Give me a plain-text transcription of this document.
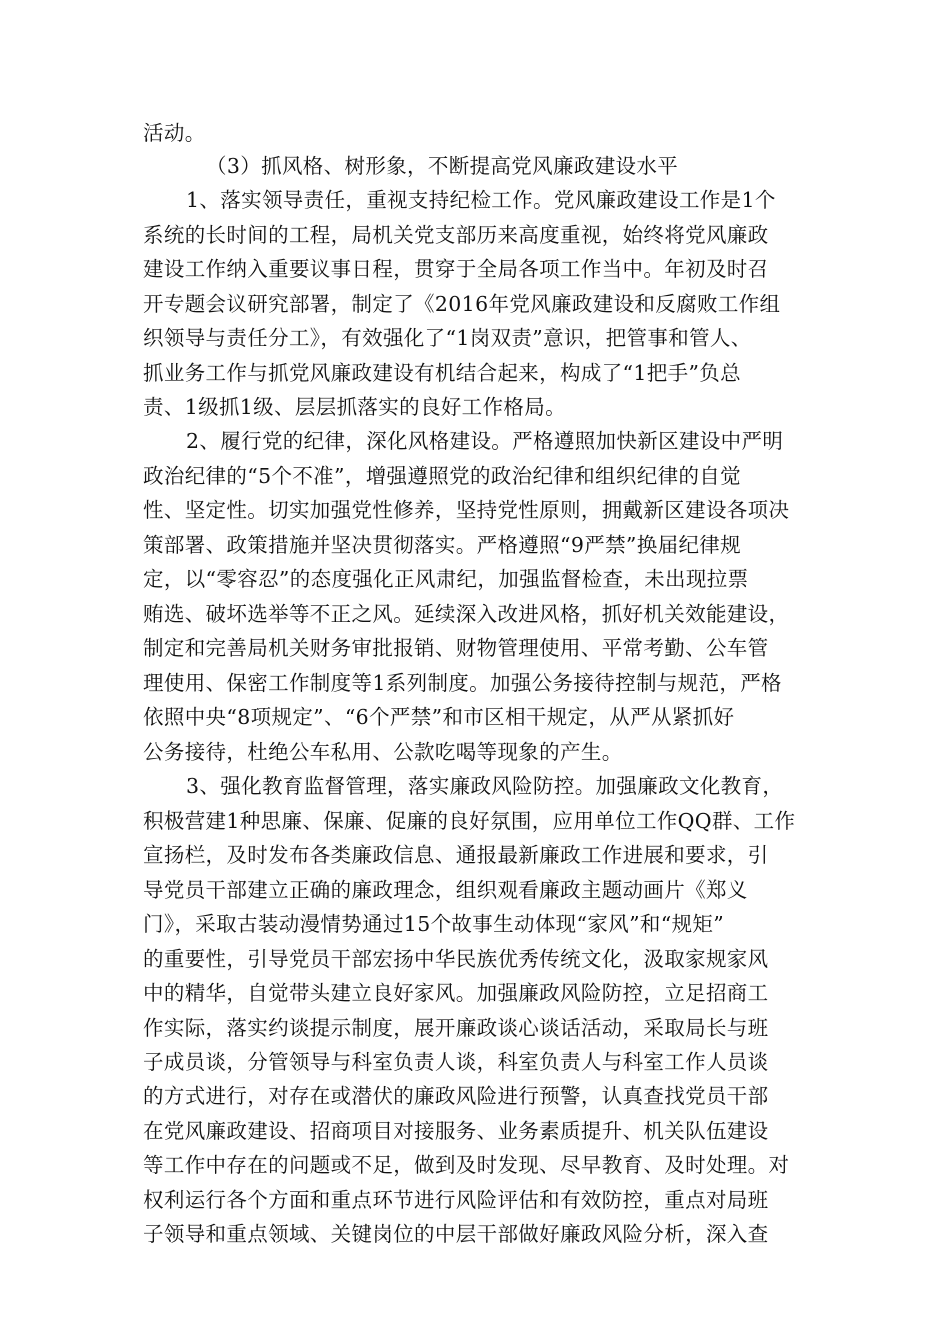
活动。
（3）抓风格、树形象，不断提高党风廉政建设水平
1、落实领导责任，重视支持纪检工作。党风廉政建设工作是1个
系统的长时间的工程，局机关党支部历来高度重视，始终将党风廉政
建设工作纳入重要议事日程，贯穿于全局各项工作当中。年初及时召
开专题会议研究部署，制定了《2016年党风廉政建设和反腐败工作组
织领导与责任分工》，有效强化了“1岗双责”意识，把管事和管人、
抓业务工作与抓党风廉政建设有机结合起来，构成了“1把手”负总
责、1级抓1级、层层抓落实的良好工作格局。
2、履行党的纪律，深化风格建设。严格遵照加快新区建设中严明
政治纪律的“5个不准”，增强遵照党的政治纪律和组织纪律的自觉
性、坚定性。切实加强党性修养，坚持党性原则，拥戴新区建设各项决
策部署、政策措施并坚决贯彻落实。严格遵照“9严禁”换届纪律规
定，以“零容忍”的态度强化正风肃纪，加强监督检查，未出现拉票
贿选、破坏选举等不正之风。延续深入改进风格，抓好机关效能建设，
制定和完善局机关财务审批报销、财物管理使用、平常考勤、公车管
理使用、保密工作制度等1系列制度。加强公务接待控制与规范，严格
依照中央“8项规定”、“6个严禁”和市区相干规定，从严从紧抓好
公务接待，杜绝公车私用、公款吃喝等现象的产生。
3、强化教育监督管理，落实廉政风险防控。加强廉政文化教育，
积极营建1种思廉、保廉、促廉的良好氛围，应用单位工作QQ群、工作
宣扬栏，及时发布各类廉政信息、通报最新廉政工作进展和要求，引
导党员干部建立正确的廉政理念，组织观看廉政主题动画片《郑义
门》，采取古装动漫情势通过15个故事生动体现“家风”和“规矩”
的重要性，引导党员干部宏扬中华民族优秀传统文化，汲取家规家风
中的精华，自觉带头建立良好家风。加强廉政风险防控，立足招商工
作实际，落实约谈提示制度，展开廉政谈心谈话活动，采取局长与班
子成员谈，分管领导与科室负责人谈，科室负责人与科室工作人员谈
的方式进行，对存在或潜伏的廉政风险进行预警，认真查找党员干部
在党风廉政建设、招商项目对接服务、业务素质提升、机关队伍建设
等工作中存在的问题或不足，做到及时发现、尽早教育、及时处理。对
权利运行各个方面和重点环节进行风险评估和有效防控，重点对局班
子领导和重点领域、关键岗位的中层干部做好廉政风险分析，深入查
